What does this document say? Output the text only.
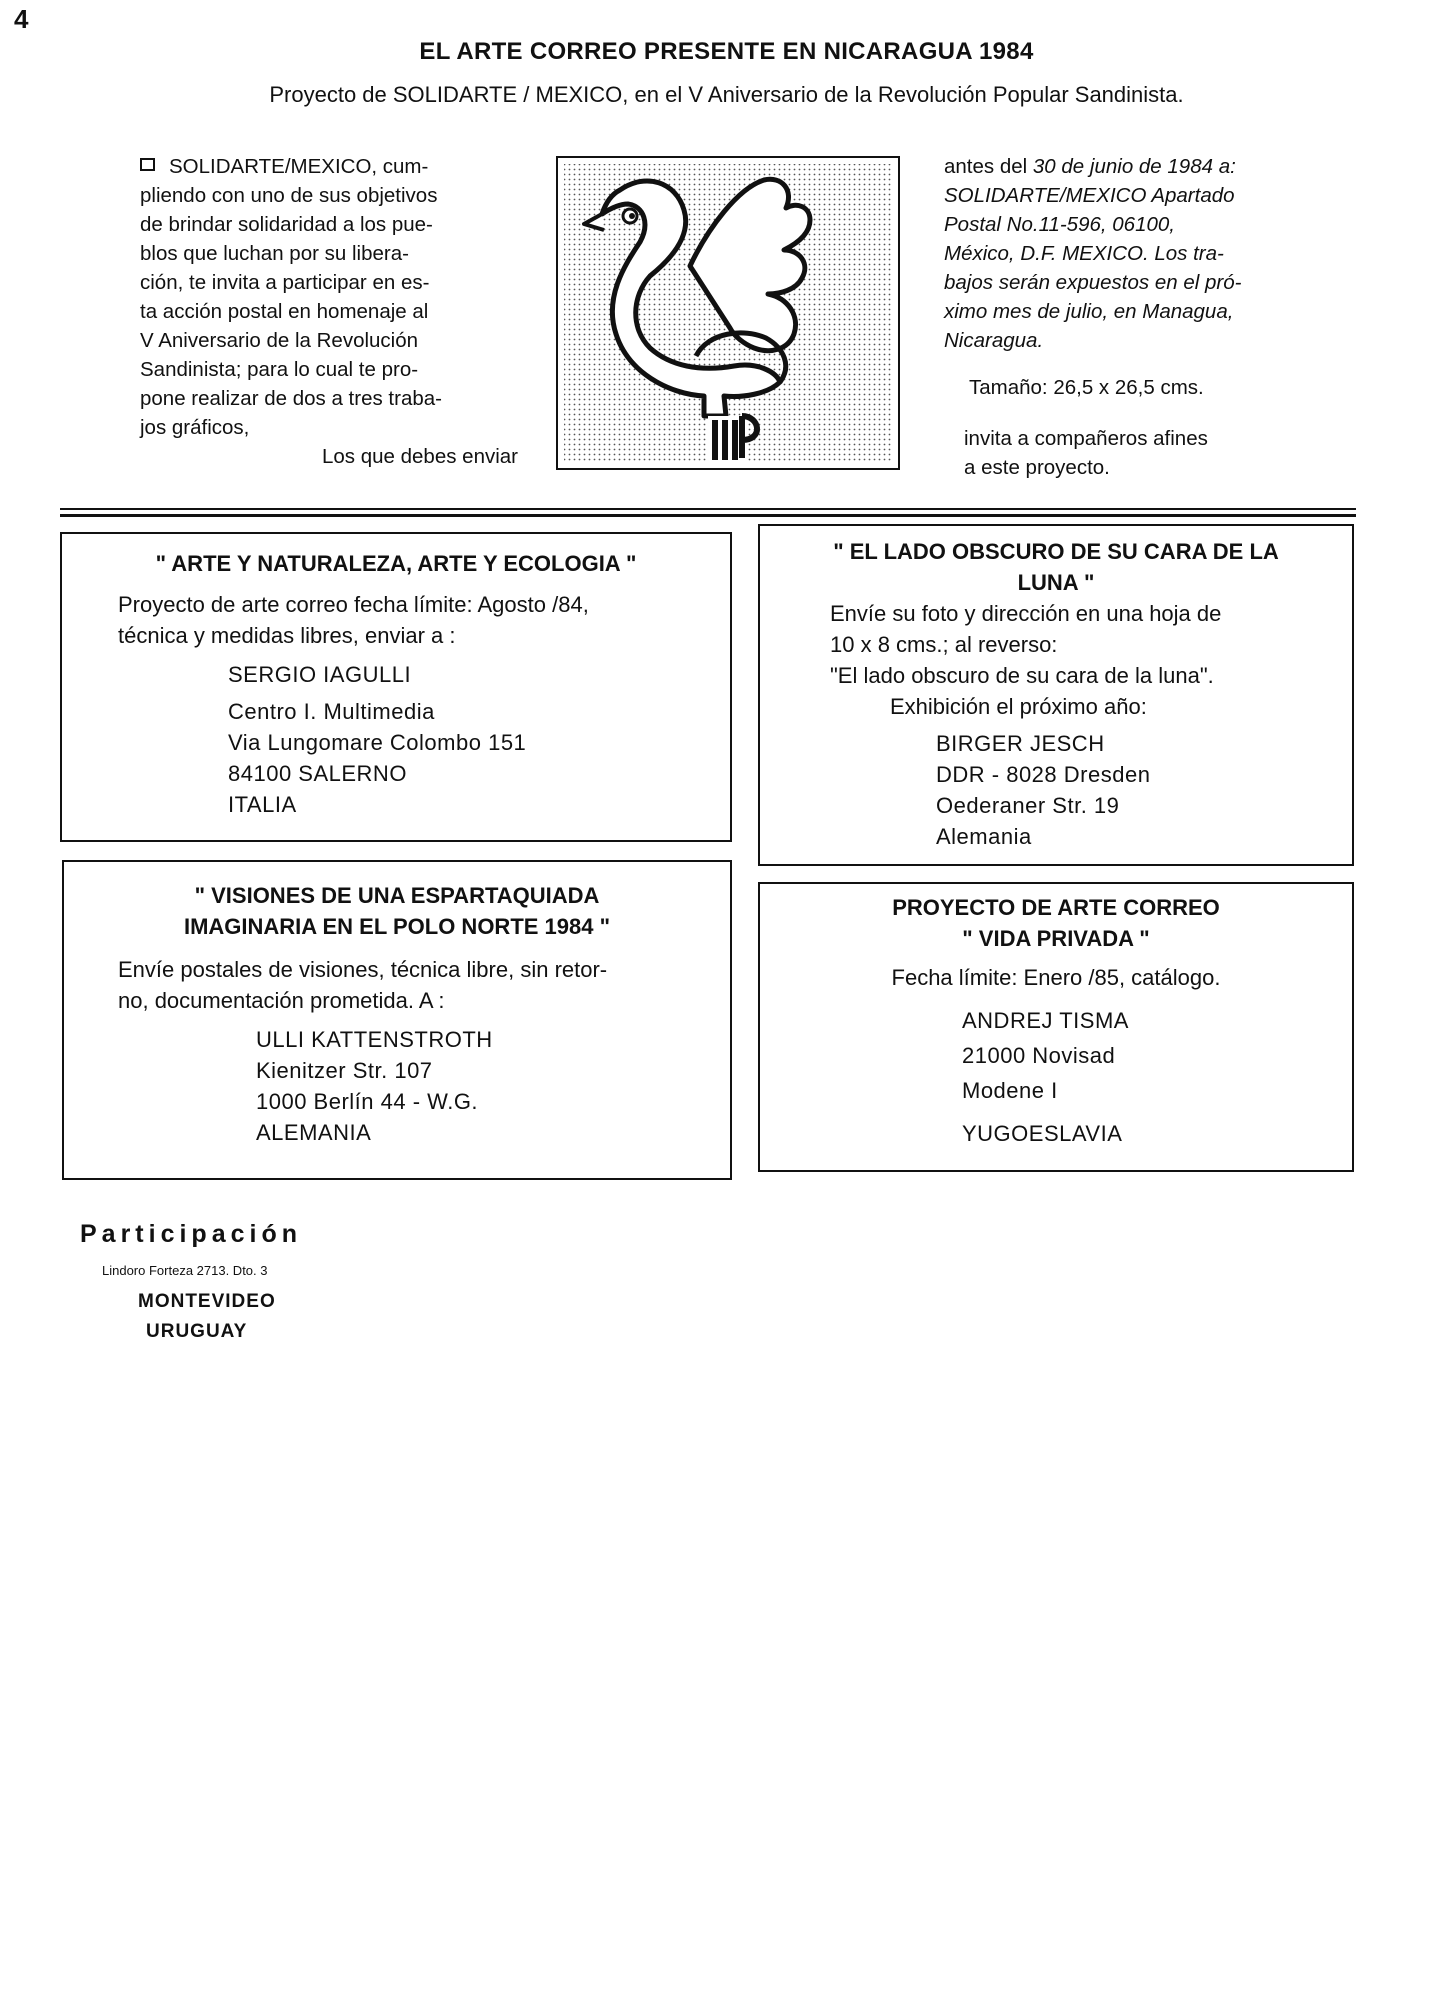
4
EL ARTE CORREO PRESENTE EN NICARAGUA 1984
Proyecto de SOLIDARTE / MEXICO, en el V Aniversario de la Revolución Popular Sandinista.

SOLIDARTE/MEXICO, cum-

pliendo con uno de sus objetivos

de brindar solidaridad a los pue-

blos que luchan por su libera-

ción, te invita a participar en es-

ta acción postal en homenaje al

V Aniversario de la Revolución

Sandinista; para lo cual te pro-

pone realizar de dos a tres traba-

jos gráficos,

Los que debes enviar

antes del 30 de junio de 1984 a:

SOLIDARTE/MEXICO Apartado

Postal No.11-596, 06100,

México, D.F. MEXICO. Los tra-

bajos serán expuestos en el pró-

ximo mes de julio, en Managua,

Nicaragua.

Tamaño: 26,5 x 26,5 cms.

invita a compañeros afines

a este proyecto.

" ARTE Y NATURALEZA, ARTE Y ECOLOGIA "

Proyecto de arte correo fecha límite: Agosto /84,

técnica y medidas libres, enviar a :

SERGIO IAGULLI

Centro I. Multimedia

Via Lungomare Colombo 151

84100 SALERNO

ITALIA

" EL LADO OBSCURO DE SU CARA DE LA
LUNA "

Envíe su foto y dirección en una hoja de

10 x 8 cms.; al reverso:

"El lado obscuro de su cara de la luna".

Exhibición el próximo año:

BIRGER JESCH

DDR - 8028 Dresden

Oederaner Str. 19

Alemania

" VISIONES DE UNA ESPARTAQUIADA
IMAGINARIA EN EL POLO NORTE 1984 "

Envíe postales de visiones, técnica libre, sin retor-

no, documentación prometida. A :

ULLI KATTENSTROTH

Kienitzer Str. 107

1000 Berlín 44 - W.G.

ALEMANIA

PROYECTO DE ARTE CORREO
" VIDA PRIVADA "

Fecha límite: Enero /85, catálogo.

ANDREJ TISMA

21000 Novisad

Modene I

YUGOESLAVIA

Participación
Lindoro Forteza 2713. Dto. 3
MONTEVIDEO
URUGUAY
